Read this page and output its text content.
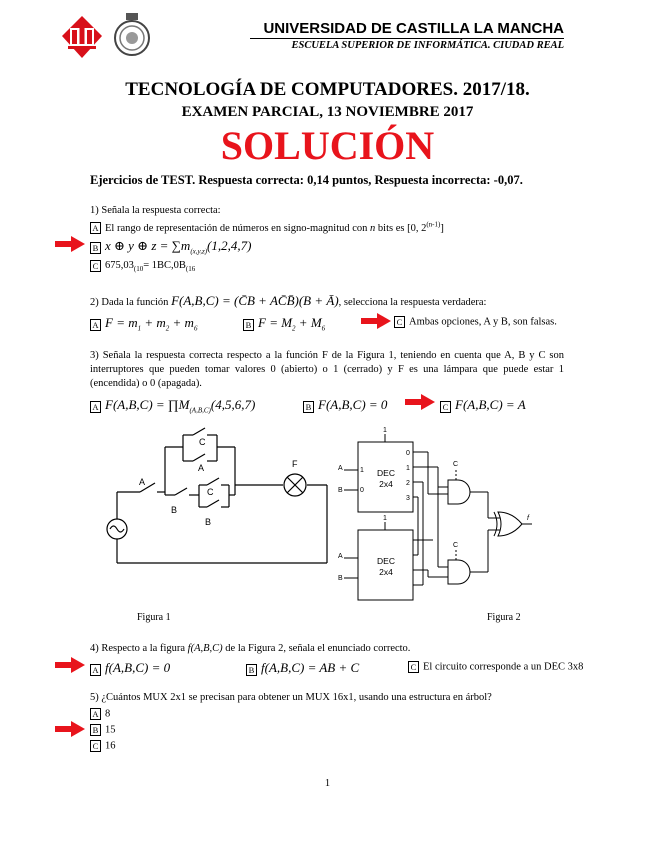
UNIVERSIDAD DE CASTILLA LA MANCHA
ESCUELA SUPERIOR DE INFORMÁTICA. CIUDAD REAL
TECNOLOGÍA DE COMPUTADORES. 2017/18.
EXAMEN PARCIAL, 13 NOVIEMBRE 2017
SOLUCIÓN
Ejercicios de TEST. Respuesta correcta: 0,14 puntos, Respuesta incorrecta: -0,07.
1) Señala la respuesta correcta:
A El rango de representación de números en signo-magnitud con n bits es [0, 2$^{(n-1)}$]
B x ⊕ y ⊕ $z = \sum m_{(x,y,z)}(1,2,4,7)$
C $675,03_{(10}= 1BC,0B_{(16}$
2) Dada la función F(A,B,C) = (C̄B + AC̄B̄)(B + Ā), selecciona la respuesta verdadera:
A $F = m_1 + m_2 + m_6$	B $F = M_2 + M_6$
C Ambas opciones, A y B, son falsas.
3) Señala la respuesta correcta respecto a la función F de la Figura 1, teniendo en cuenta que A, B y C son interruptores que pueden tomar valores 0 (abierto) o 1 (cerrado) y F es una lámpara que puede estar 1 (encendida) o 0 (apagada).
A $F(A,B,C) = \prod M_{(A,B,C)}(4,5,6,7)$	B F(A,B,C) = 0	C F(A,B,C) = A
C
A
A
B
C
B
F
1
A
B
1
0
0
1
2
3
1
A
B
C
C
f
DEC
2x4
DEC
2x4
Figura 1	Figura 2
4) Respecto a la figura f(A,B,C) de la Figura 2, señala el enunciado correcto.
A f(A,B,C) = 0	B f(A,B,C) = AB + C	C El circuito corresponde a un DEC 3x8
5) ¿Cuántos MUX 2x1 se precisan para obtener un MUX 16x1, usando una estructura en árbol?
A 8
B 15
C 16
1
